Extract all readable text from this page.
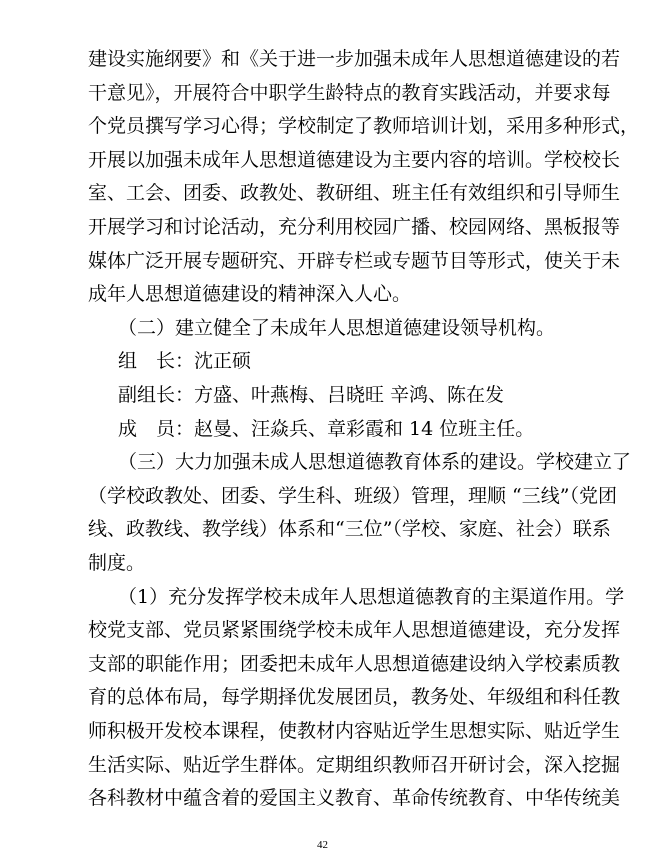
建设实施纲要》和《关于进一步加强未成年人思想道德建设的若
干意见》，开展符合中职学生龄特点的教育实践活动，并要求每
个党员撰写学习心得；学校制定了教师培训计划，采用多种形式，
开展以加强未成年人思想道德建设为主要内容的培训。学校校长
室、工会、团委、政教处、教研组、班主任有效组织和引导师生
开展学习和讨论活动，充分利用校园广播、校园网络、黑板报等
媒体广泛开展专题研究、开辟专栏或专题节目等形式，使关于未
成年人思想道德建设的精神深入人心。
（二）建立健全了未成年人思想道德建设领导机构。
组　长：沈正硕
副组长：方盛、叶燕梅、吕晓旺 辛鸿、陈在发
成　员：赵曼、汪焱兵、章彩霞和 14 位班主任。
（三）大力加强未成人思想道德教育体系的建设。学校建立了
（学校政教处、团委、学生科、班级）管理，理顺 “三线”（党团
线、政教线、教学线）体系和“三位”（学校、家庭、社会）联系
制度。
（1）充分发挥学校未成年人思想道德教育的主渠道作用。学
校党支部、党员紧紧围绕学校未成年人思想道德建设，充分发挥
支部的职能作用；团委把未成年人思想道德建设纳入学校素质教
育的总体布局，每学期择优发展团员，教务处、年级组和科任教
师积极开发校本课程，使教材内容贴近学生思想实际、贴近学生
生活实际、贴近学生群体。定期组织教师召开研讨会，深入挖掘
各科教材中蕴含着的爱国主义教育、革命传统教育、中华传统美
42
